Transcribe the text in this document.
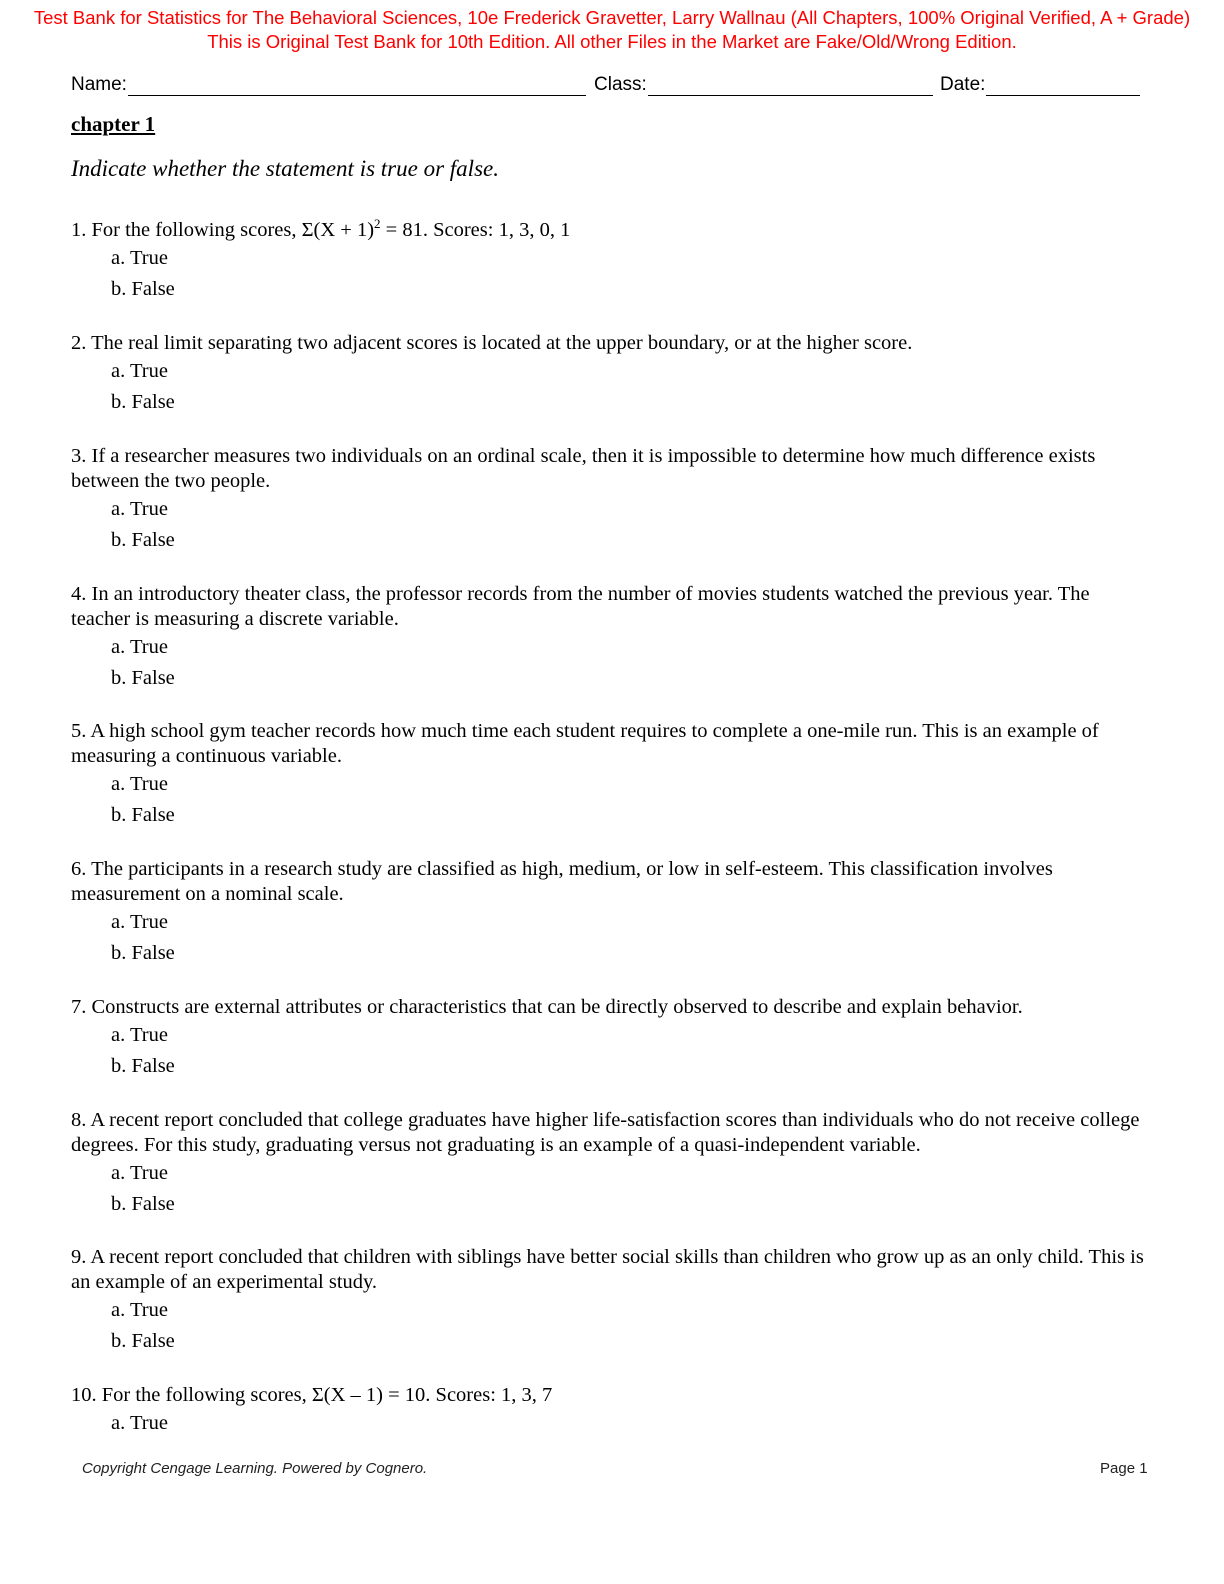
Test Bank for Statistics for The Behavioral Sciences, 10e Frederick Gravetter, Larry Wallnau (All Chapters, 100% Original Verified, A + Grade) This is Original Test Bank for 10th Edition. All other Files in the Market are Fake/Old/Wrong Edition.
Name:	Class:	Date:
chapter 1
Indicate whether the statement is true or false.

1. For the following scores, $\Sigma(X + 1)^2 = 81$. Scores: 1, 3, 0, 1

a. True
b. False

2. The real limit separating two adjacent scores is located at the upper boundary, or at the higher score.

a. True
b. False

3. If a researcher measures two individuals on an ordinal scale, then it is impossible to determine how much difference exists between the two people.

a. True
b. False

4. In an introductory theater class, the professor records from the number of movies students watched the previous year. The teacher is measuring a discrete variable.

a. True
b. False

5. A high school gym teacher records how much time each student requires to complete a one-mile run. This is an example of measuring a continuous variable.

a. True
b. False

6. The participants in a research study are classified as high, medium, or low in self-esteem. This classification involves measurement on a nominal scale.

a. True
b. False

7. Constructs are external attributes or characteristics that can be directly observed to describe and explain behavior.

a. True
b. False

8. A recent report concluded that college graduates have higher life-satisfaction scores than individuals who do not receive college degrees. For this study, graduating versus not graduating is an example of a quasi-independent variable.

a. True
b. False

9. A recent report concluded that children with siblings have better social skills than children who grow up as an only child. This is an example of an experimental study.

a. True
b. False

10. For the following scores, Σ(X – 1) = 10. Scores: 1, 3, 7

a. True
Copyright Cengage Learning. Powered by Cognero.	Page 1
